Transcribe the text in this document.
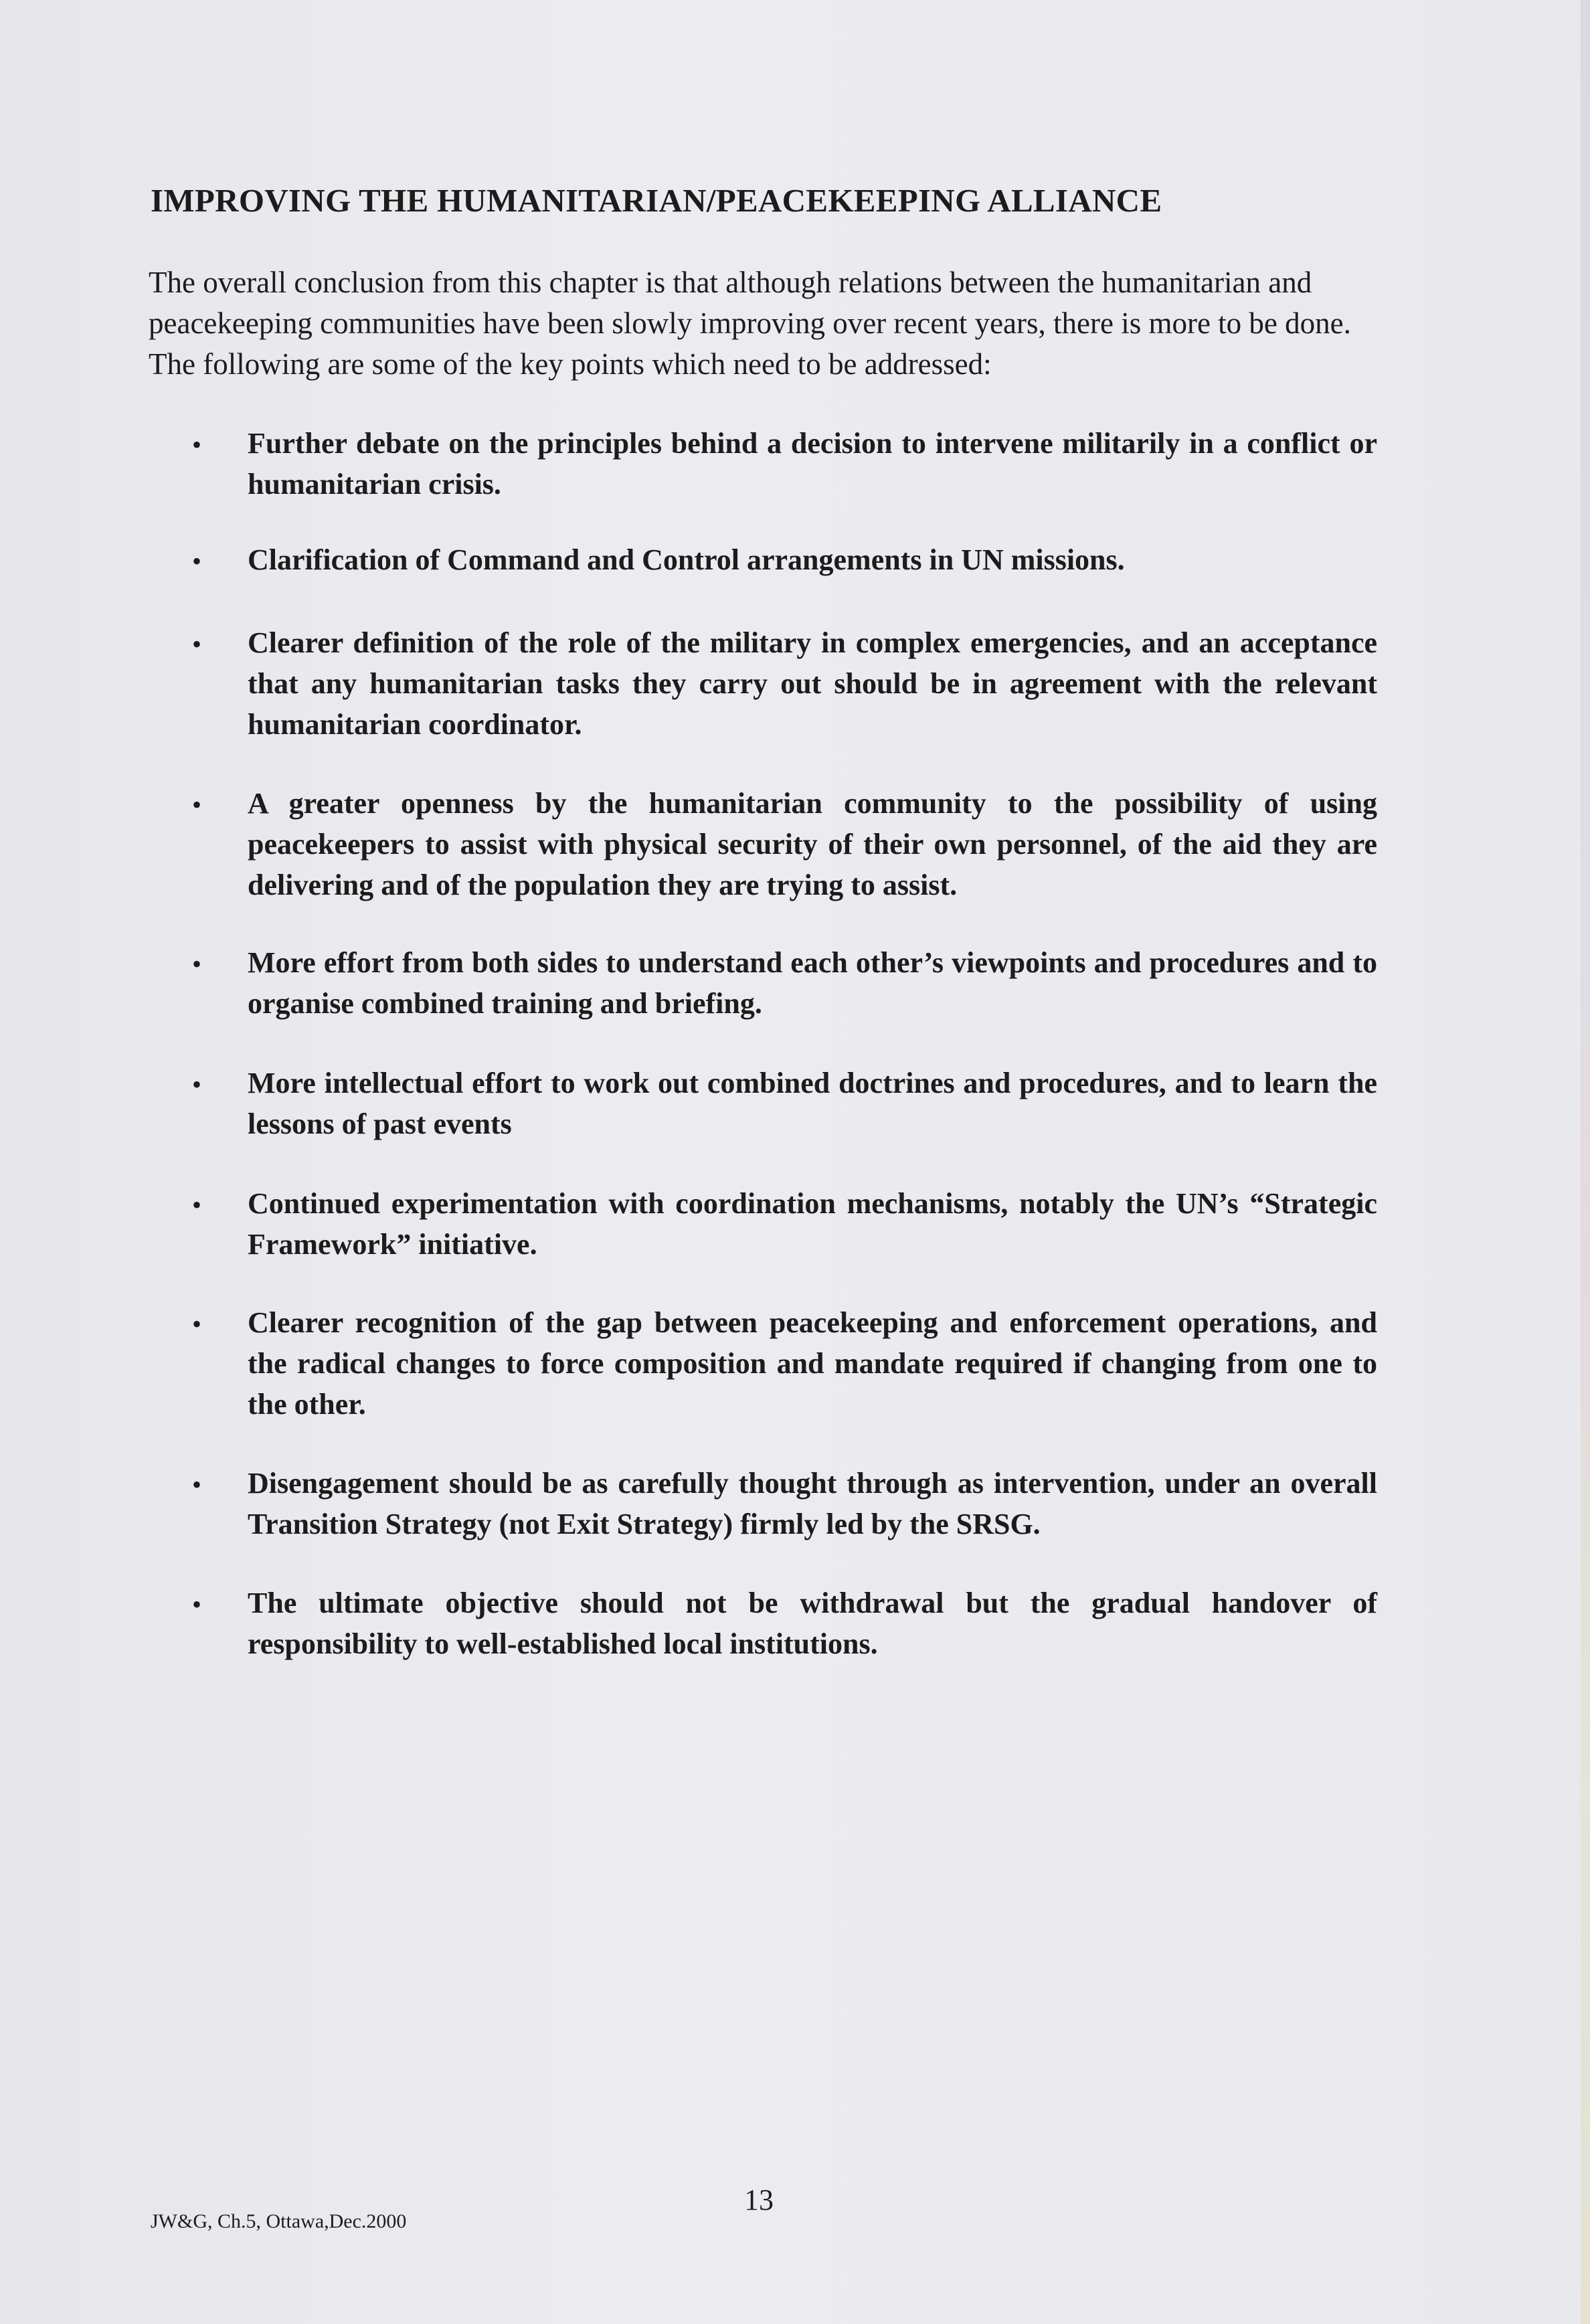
IMPROVING THE HUMANITARIAN/PEACEKEEPING ALLIANCE

The overall conclusion from this chapter is that although relations between the humanitarian and peacekeeping communities have been slowly improving over recent years, there is more to be done. The following are some of the key points which need to be addressed:

• Further debate on the principles behind a decision to intervene militarily in a conflict or humanitarian crisis.
• Clarification of Command and Control arrangements in UN missions.
• Clearer definition of the role of the military in complex emergencies, and an acceptance that any humanitarian tasks they carry out should be in agreement with the relevant humanitarian coordinator.
• A greater openness by the humanitarian community to the possibility of using peacekeepers to assist with physical security of their own personnel, of the aid they are delivering and of the population they are trying to assist.
• More effort from both sides to understand each other’s viewpoints and procedures and to organise combined training and briefing.
• More intellectual effort to work out combined doctrines and procedures, and to learn the lessons of past events
• Continued experimentation with coordination mechanisms, notably the UN’s “Strategic Framework” initiative.
• Clearer recognition of the gap between peacekeeping and enforcement operations, and the radical changes to force composition and mandate required if changing from one to the other.
• Disengagement should be as carefully thought through as intervention, under an overall Transition Strategy (not Exit Strategy) firmly led by the SRSG.
• The ultimate objective should not be withdrawal but the gradual handover of responsibility to well-established local institutions.
13
JW&G, Ch.5, Ottawa,Dec.2000
